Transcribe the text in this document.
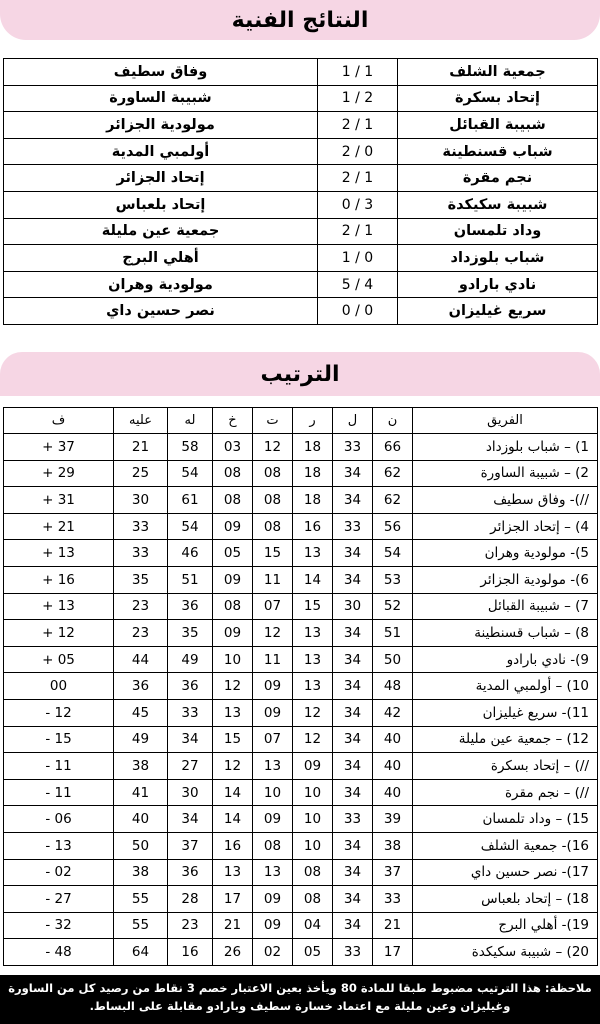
النتائج الفنية
جمعية الشلف	1 / 1	وفاق سطيف
إتحاد بسكرة	1 / 2	شبيبة الساورة
شبيبة القبائل	2 / 1	مولودية الجزائر
شباب قسنطينة	2 / 0	أولمبي المدية
نجم مقرة	2 / 1	إتحاد الجزائر
شبيبة سكيكدة	0 / 3	إتحاد بلعباس
وداد تلمسان	2 / 1	جمعية عين مليلة
شباب بلوزداد	1 / 0	أهلي البرج
نادي بارادو	5 / 4	مولودية وهران
سريع غيليزان	0 / 0	نصر حسين داي
الترتيب
الفريق	ن	ل	ر	ت	خ	له	عليه	ف
1) – شباب بلوزداد	66	33	18	12	03	58	21	+ 37
2) – شبيبة الساورة	62	34	18	08	08	54	25	+ 29
//)- وفاق سطيف	62	34	18	08	08	61	30	+ 31
4) – إتحاد الجزائر	56	33	16	08	09	54	33	+ 21
5)- مولودية وهران	54	34	13	15	05	46	33	+ 13
6)- مولودية الجزائر	53	34	14	11	09	51	35	+ 16
7) – شبيبة القبائل	52	30	15	07	08	36	23	+ 13
8) – شباب قسنطينة	51	34	13	12	09	35	23	+ 12
9)- نادي بارادو	50	34	13	11	10	49	44	+ 05
10) – أولمبي المدية	48	34	13	09	12	36	36	00
11)- سريع غيليزان	42	34	12	09	13	33	45	- 12
12) – جمعية عين مليلة	40	34	12	07	15	34	49	- 15
//) – إتحاد بسكرة	40	34	09	13	12	27	38	- 11
//) – نجم مقرة	40	34	10	10	14	30	41	- 11
15) – وداد تلمسان	39	33	10	09	14	34	40	- 06
16)- جمعية الشلف	38	34	10	08	16	37	50	- 13
17)- نصر حسين داي	37	34	08	13	13	36	38	- 02
18) – إتحاد بلعباس	33	34	08	09	17	28	55	- 27
19)- أهلي البرج	21	34	04	09	21	23	55	- 32
20) – شبيبة سكيكدة	17	33	05	02	26	16	64	- 48
ملاحظة: هذا الترتيب مضبوط طبقا للمادة 80 ويأخذ بعين الاعتبار خصم 3 نقاط من رصيد كل من الساورة وغيليزان وعين مليلة مع اعتماد خسارة سطيف وبارادو مقابلة على البساط.
